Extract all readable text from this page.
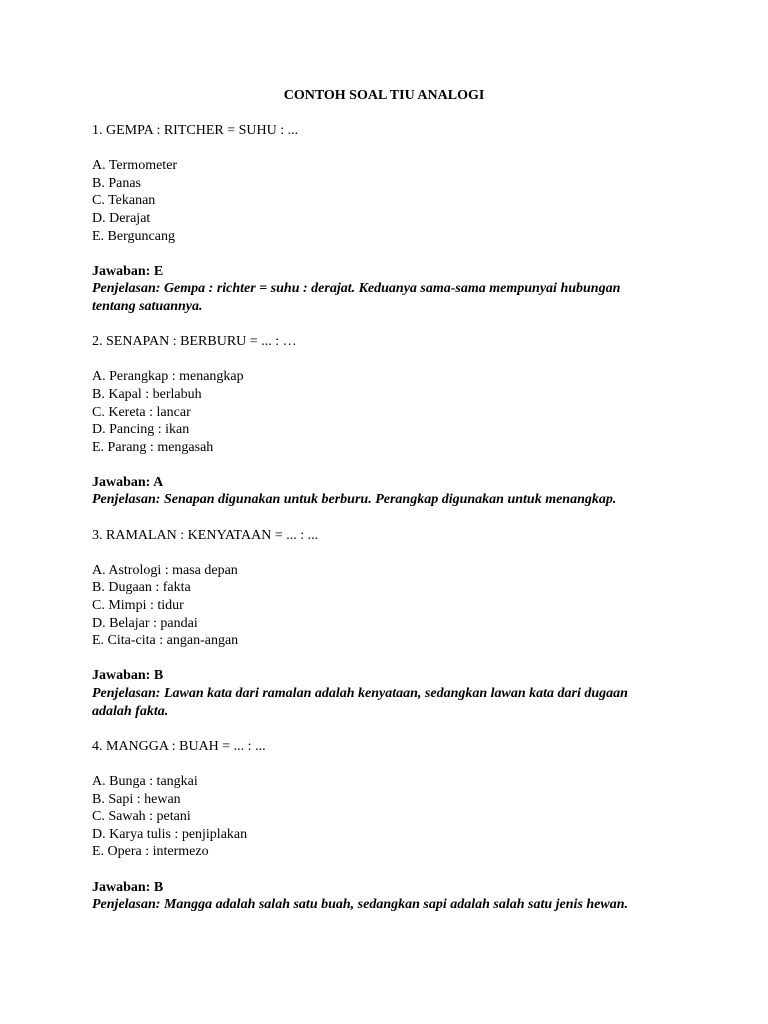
CONTOH SOAL TIU ANALOGI

1. GEMPA : RITCHER = SUHU : ...

A. Termometer
B. Panas
C. Tekanan
D. Derajat
E. Berguncang

Jawaban: E

Penjelasan: Gempa : richter = suhu : derajat. Keduanya sama-sama mempunyai hubungan tentang satuannya.

2. SENAPAN : BERBURU = ... : …

A. Perangkap : menangkap
B. Kapal : berlabuh
C. Kereta : lancar
D. Pancing : ikan
E. Parang : mengasah

Jawaban: A

Penjelasan: Senapan digunakan untuk berburu. Perangkap digunakan untuk menangkap.

3. RAMALAN : KENYATAAN = ... : ...

A. Astrologi : masa depan
B. Dugaan : fakta
C. Mimpi : tidur
D. Belajar : pandai
E. Cita-cita : angan-angan

Jawaban: B

Penjelasan: Lawan kata dari ramalan adalah kenyataan, sedangkan lawan kata dari dugaan adalah fakta.

4. MANGGA : BUAH = ... : ...

A. Bunga : tangkai
B. Sapi : hewan
C. Sawah : petani
D. Karya tulis : penjiplakan
E. Opera : intermezo

Jawaban: B

Penjelasan: Mangga adalah salah satu buah, sedangkan sapi adalah salah satu jenis hewan.
